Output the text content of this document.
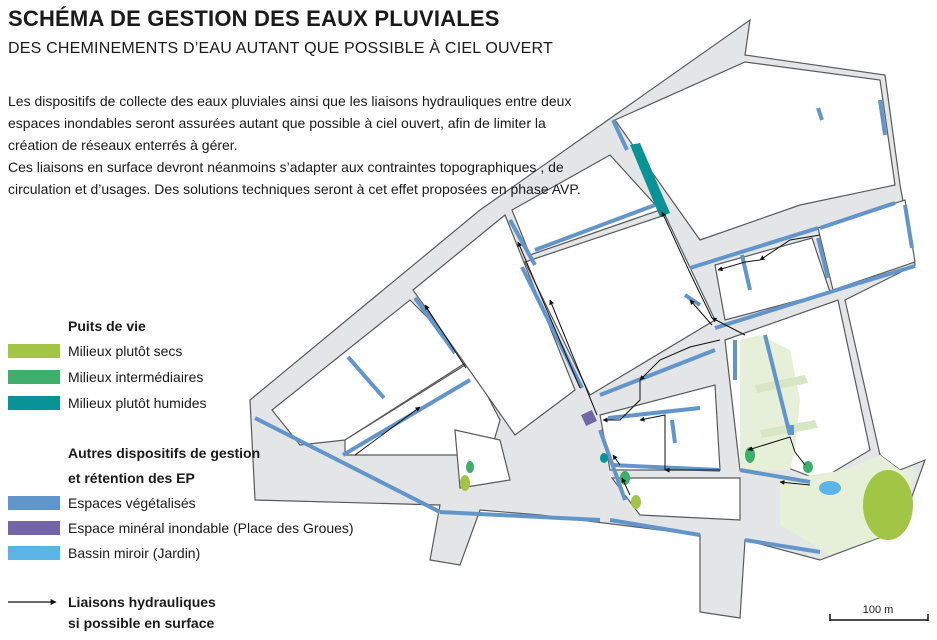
SCHÉMA DE GESTION DES EAUX PLUVIALES
DES CHEMINEMENTS D’EAU AUTANT QUE POSSIBLE À CIEL OUVERT

Les dispositifs de collecte des eaux pluviales ainsi que les liaisons hydrauliques entre deux espaces inondables seront assurées autant que possible à ciel ouvert, afin de limiter la création de réseaux enterrés à gérer.

Ces liaisons en surface devront néanmoins s’adapter aux contraintes topographiques , de circulation et d’usages. Des solutions techniques seront à cet effet proposées en phase AVP.

Puits de vie
Milieux plutôt secs
Milieux intermédiaires
Milieux plutôt humides
Autres dispositifs de gestion
et rétention des EP
Espaces végétalisés
Espace minéral inondable (Place des Groues)
Bassin miroir (Jardin)
Liaisons hydrauliques
si possible en surface
100 m
